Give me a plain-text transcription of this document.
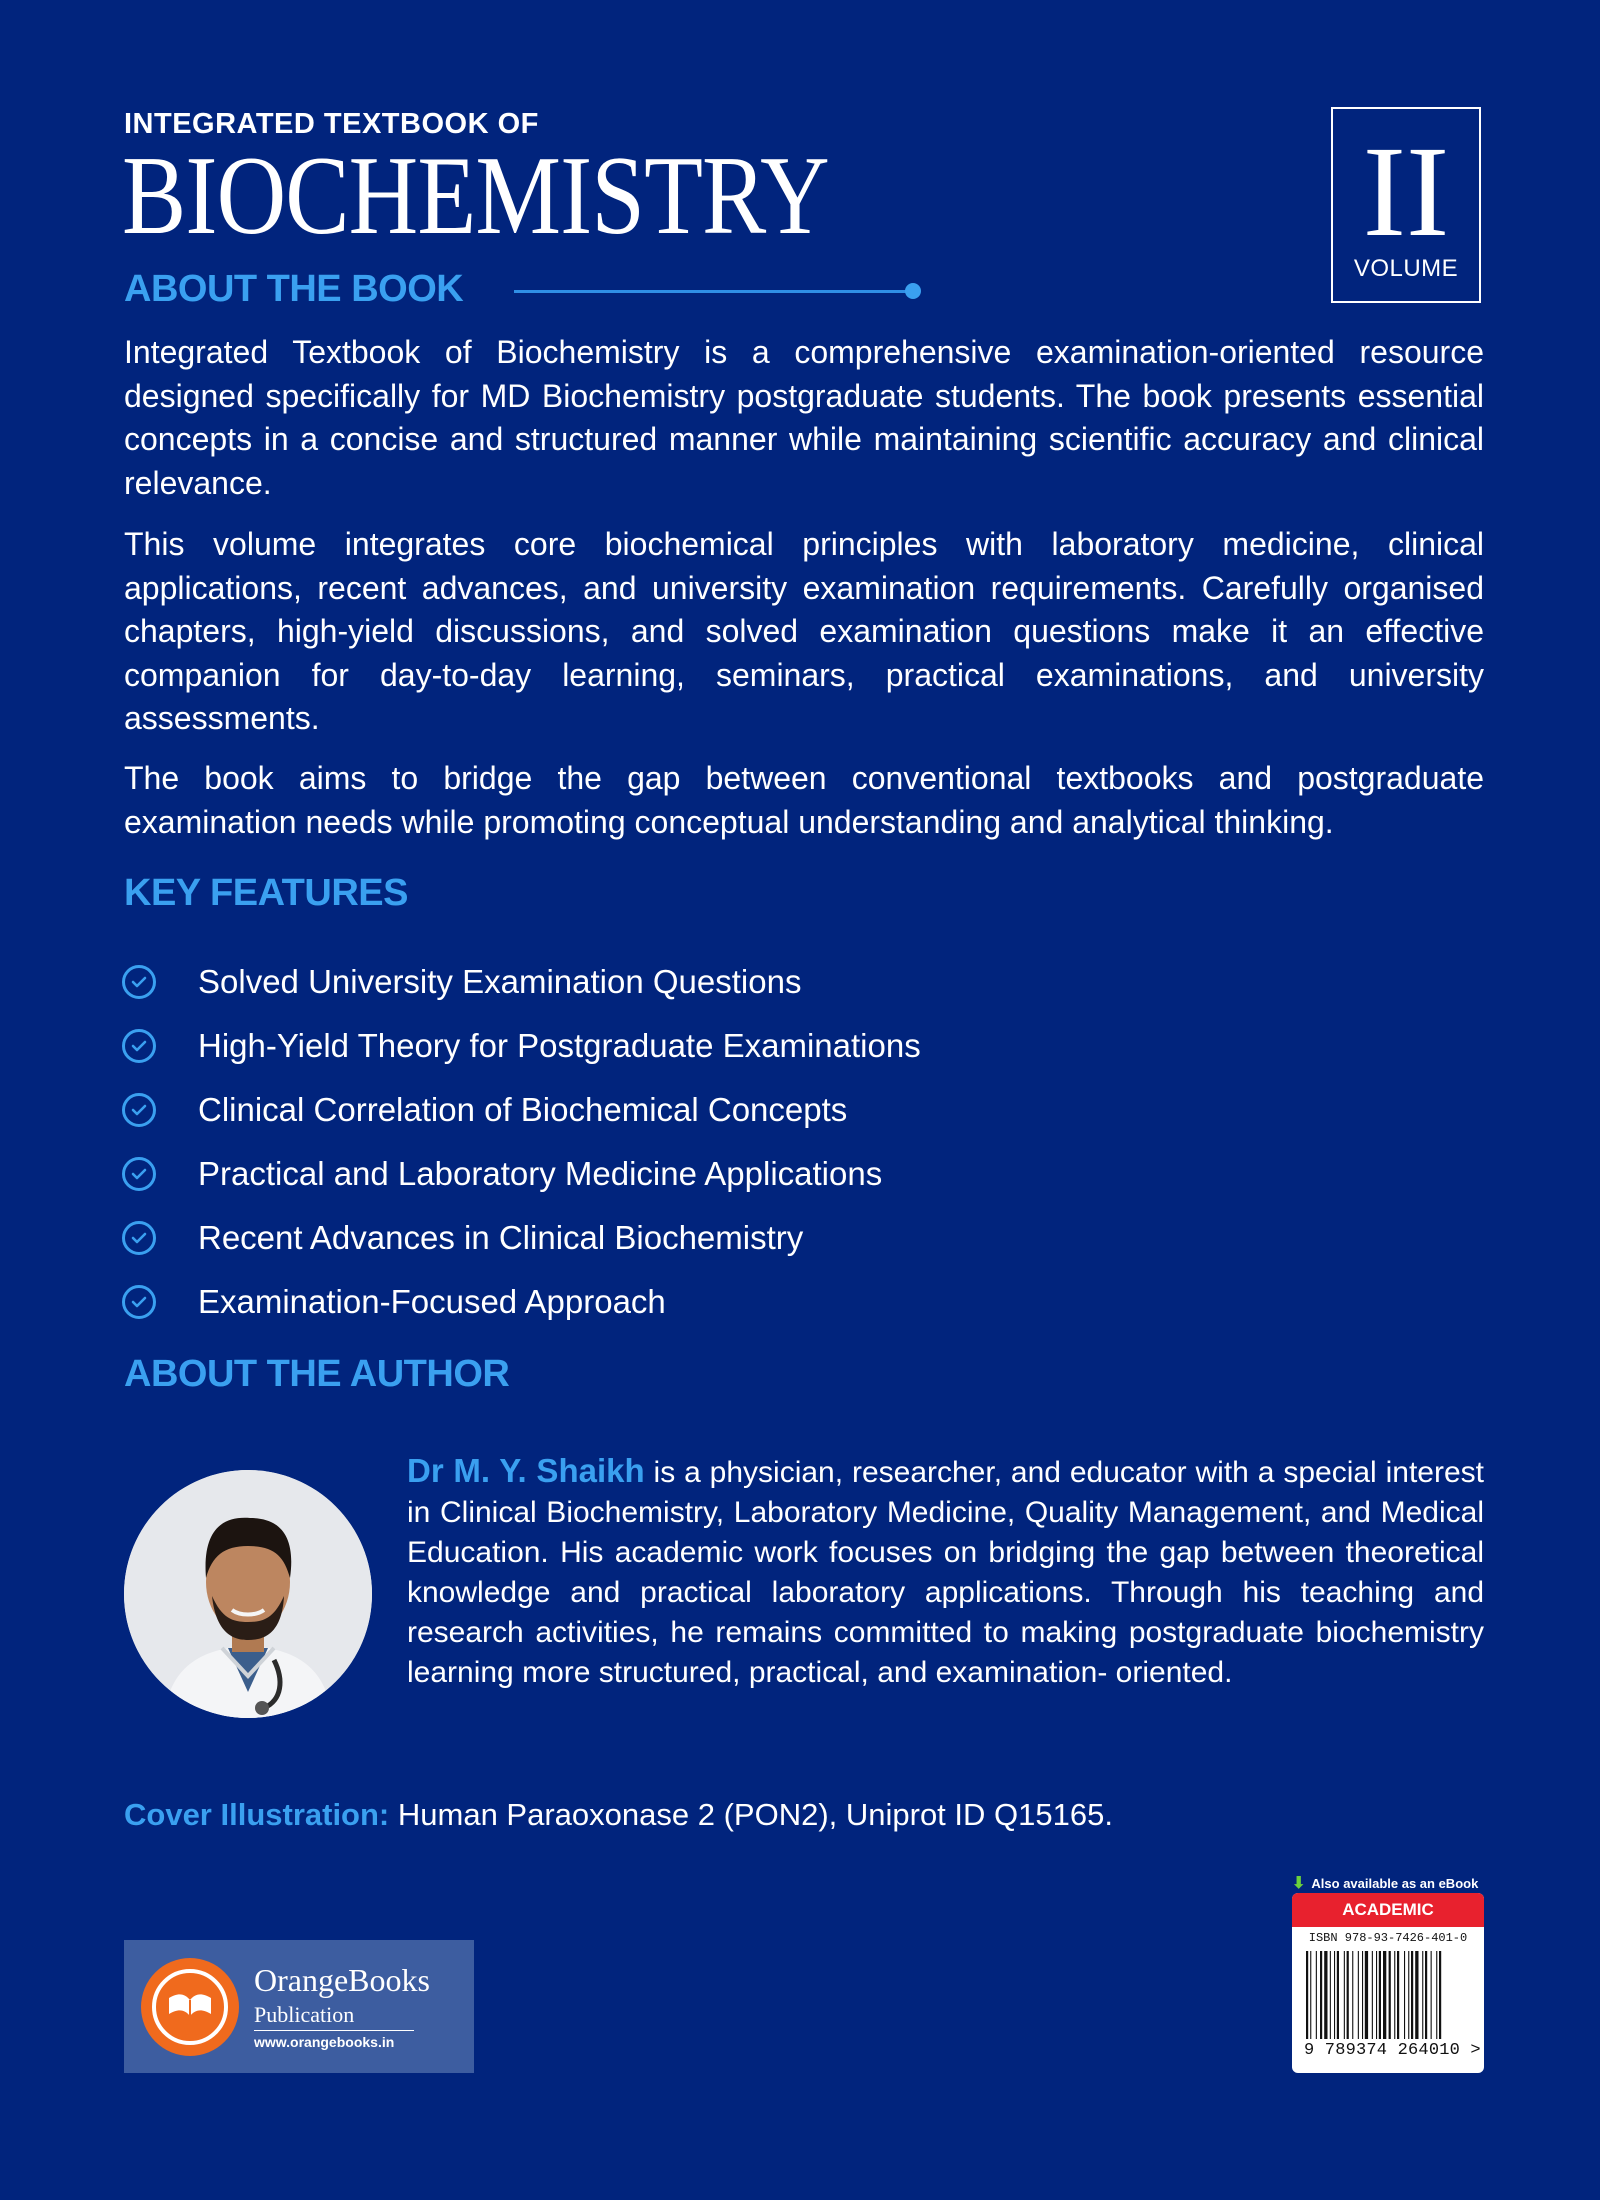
INTEGRATED TEXTBOOK OF
BIOCHEMISTRY	II
VOLUME
ABOUT THE BOOK

Integrated Textbook of Biochemistry is a comprehensive examination-oriented resource designed specifically for MD Biochemistry postgraduate students. The book presents essential concepts in a concise and structured manner while maintaining scientific accuracy and clinical relevance.

This volume integrates core biochemical principles with laboratory medicine, clinical applications, recent advances, and university examination requirements. Carefully organised chapters, high-yield discussions, and solved examination questions make it an effective companion for day-to-day learning, seminars, practical examinations, and university assessments.

The book aims to bridge the gap between conventional textbooks and postgraduate examination needs while promoting conceptual understanding and analytical thinking.

KEY FEATURES
Solved University Examination Questions
High-Yield Theory for Postgraduate Examinations
Clinical Correlation of Biochemical Concepts
Practical and Laboratory Medicine Applications
Recent Advances in Clinical Biochemistry
Examination-Focused Approach
ABOUT THE AUTHOR

Dr M. Y. Shaikh is a physician, researcher, and educator with a special interest in Clinical Biochemistry, Laboratory Medicine, Quality Management, and Medical Education. His academic work focuses on bridging the gap between theoretical knowledge and practical laboratory applications. Through his teaching and research activities, he remains committed to making postgraduate biochemistry learning more structured, practical, and examination- oriented.

Cover Illustration: Human Paraoxonase 2 (PON2), Uniprot ID Q15165.
OrangeBooks
Publication
www.orangebooks.in
⬇ Also available as an eBook
ACADEMIC
ISBN 978-93-7426-401-0
9 789374 264010 >
